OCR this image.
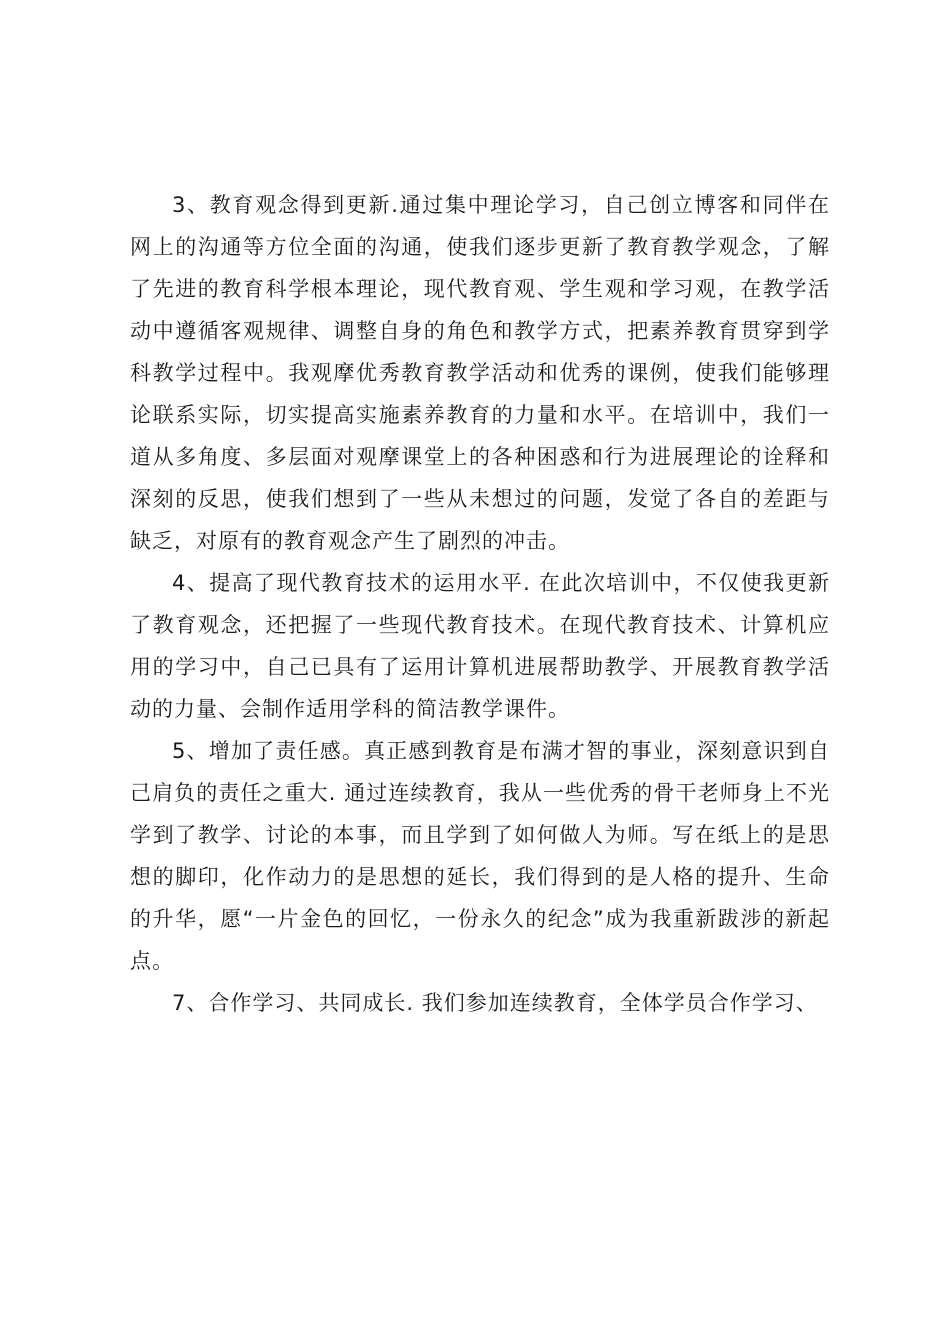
3、教育观念得到更新.通过集中理论学习，自己创立博客和同伴在网上的沟通等方位全面的沟通，使我们逐步更新了教育教学观念，了解了先进的教育科学根本理论，现代教育观、学生观和学习观，在教学活动中遵循客观规律、调整自身的角色和教学方式，把素养教育贯穿到学科教学过程中。我观摩优秀教育教学活动和优秀的课例，使我们能够理论联系实际，切实提高实施素养教育的力量和水平。在培训中，我们一道从多角度、多层面对观摩课堂上的各种困惑和行为进展理论的诠释和深刻的反思，使我们想到了一些从未想过的问题，发觉了各自的差距与缺乏，对原有的教育观念产生了剧烈的冲击。

4、提高了现代教育技术的运用水平. 在此次培训中，不仅使我更新了教育观念，还把握了一些现代教育技术。在现代教育技术、计算机应用的学习中，自己已具有了运用计算机进展帮助教学、开展教育教学活动的力量、会制作适用学科的简洁教学课件。

5、增加了责任感。真正感到教育是布满才智的事业，深刻意识到自己肩负的责任之重大. 通过连续教育，我从一些优秀的骨干老师身上不光学到了教学、讨论的本事，而且学到了如何做人为师。写在纸上的是思想的脚印，化作动力的是思想的延长，我们得到的是人格的提升、生命的升华，愿“一片金色的回忆，一份永久的纪念”成为我重新跋涉的新起点。

7、合作学习、共同成长. 我们参加连续教育，全体学员合作学习、
